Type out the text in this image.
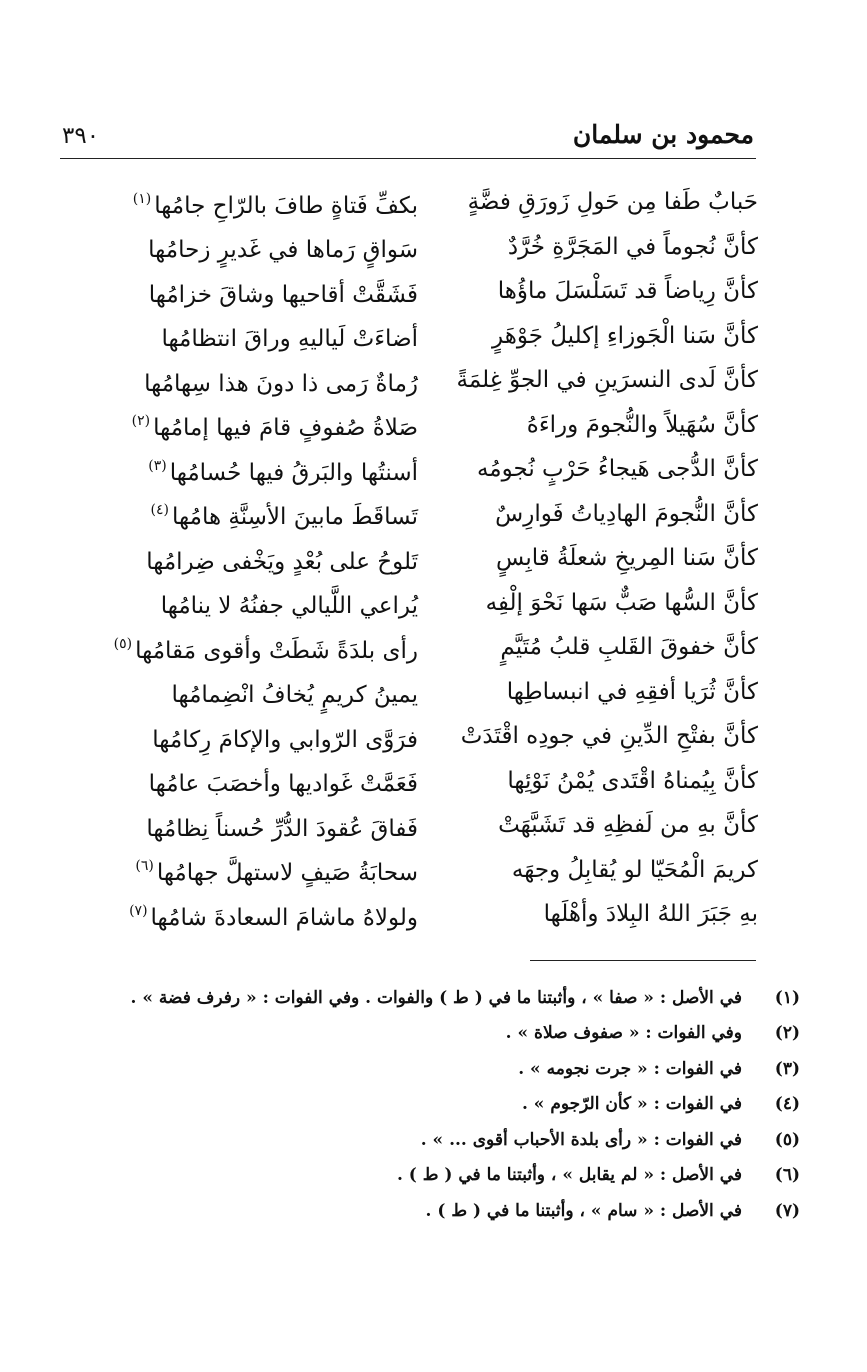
محمود بن سلمان
٣٩٠
حَبابٌ طَفا مِن حَولِ زَورَقِ فضَّةٍ
بكفِّ فَتاةٍ طافَ بالرّاحِ جامُها$^{(١)}$
كأنَّ نُجوماً في المَجَرَّةِ خُرَّدٌ
سَواقٍ رَماها في غَديرٍ زحامُها
كأنَّ رِياضاً قد تَسَلْسَلَ ماؤُها
فَشَقَّتْ أقاحيها وشاقَ خزامُها
كأنَّ سَنا الْجَوزاءِ إكليلُ جَوْهَرٍ
أضاءَتْ لَياليهِ وراقَ انتظامُها
كأنَّ لَدى النسرَينِ في الجوِّ غِلمَةً
رُماةٌ رَمى ذا دونَ هذا سِهامُها
كأنَّ سُهَيلاً والنُّجومَ وراءَهُ
صَلاةُ صُفوفٍ قامَ فيها إمامُها$^{(٢)}$
كأنَّ الدُّجى هَيجاءُ حَرْبٍ نُجومُه
أسنتُها والبَرقُ فيها حُسامُها$^{(٣)}$
كأنَّ النُّجومَ الهادِياتُ فَوارِسٌ
تَساقَطَ مابينَ الأسِنَّةِ هامُها$^{(٤)}$
كأنَّ سَنا المِريخِ شعلَةُ قابِسٍ
تَلوحُ على بُعْدٍ ويَخْفى ضِرامُها
كأنَّ السُّها صَبٌّ سَها نَحْوَ إلْفِه
يُراعي اللَّيالي جفنُهُ لا ينامُها
كأنَّ خفوقَ القَلبِ قلبُ مُتَيَّمٍ
رأى بلدَةً شَطَتْ وأقوى مَقامُها$^{(٥)}$
كأنَّ ثُرَيا أفقِهِ في انبساطِها
يمينُ كريمٍ يُخافُ انْضِمامُها
كأنَّ بفتْحِ الدِّينِ في جودِه اقْتَدَتْ
فرَوَّى الرّوابي والإكامَ رِكامُها
كأنَّ بِيُمناهُ اقْتَدى يُمْنُ نَوْئِها
فَعَمَّتْ غَواديها وأخصَبَ عامُها
كأنَّ بهِ من لَفظِهِ قد تَشَبَّهَتْ
فَفاقَ عُقودَ الدُّرِّ حُسناً نِظامُها
كريمَ الْمُحَيّا لو يُقابِلُ وجهَه
سحابَةُ صَيفٍ لاستهلَّ جهامُها$^{(٦)}$
بهِ جَبَرَ اللهُ البِلادَ وأهْلَها
ولولاهُ ماشامَ السعادةَ شامُها$^{(٧)}$
(١)
في الأصل : « صفا » ، وأثبتنا ما في ( ط ) والفوات . وفي الفوات : « رفرف فضة » .
(٢)
وفي الفوات : « صفوف صلاة » .
(٣)
في الفوات : « جرت نجومه » .
(٤)
في الفوات : « كأن الرّجوم » .
(٥)
في الفوات : « رأى بلدة الأحباب أقوى ... » .
(٦)
في الأصل : « لم يقابل » ، وأثبتنا ما في ( ط ) .
(٧)
في الأصل : « سام » ، وأثبتنا ما في ( ط ) .
